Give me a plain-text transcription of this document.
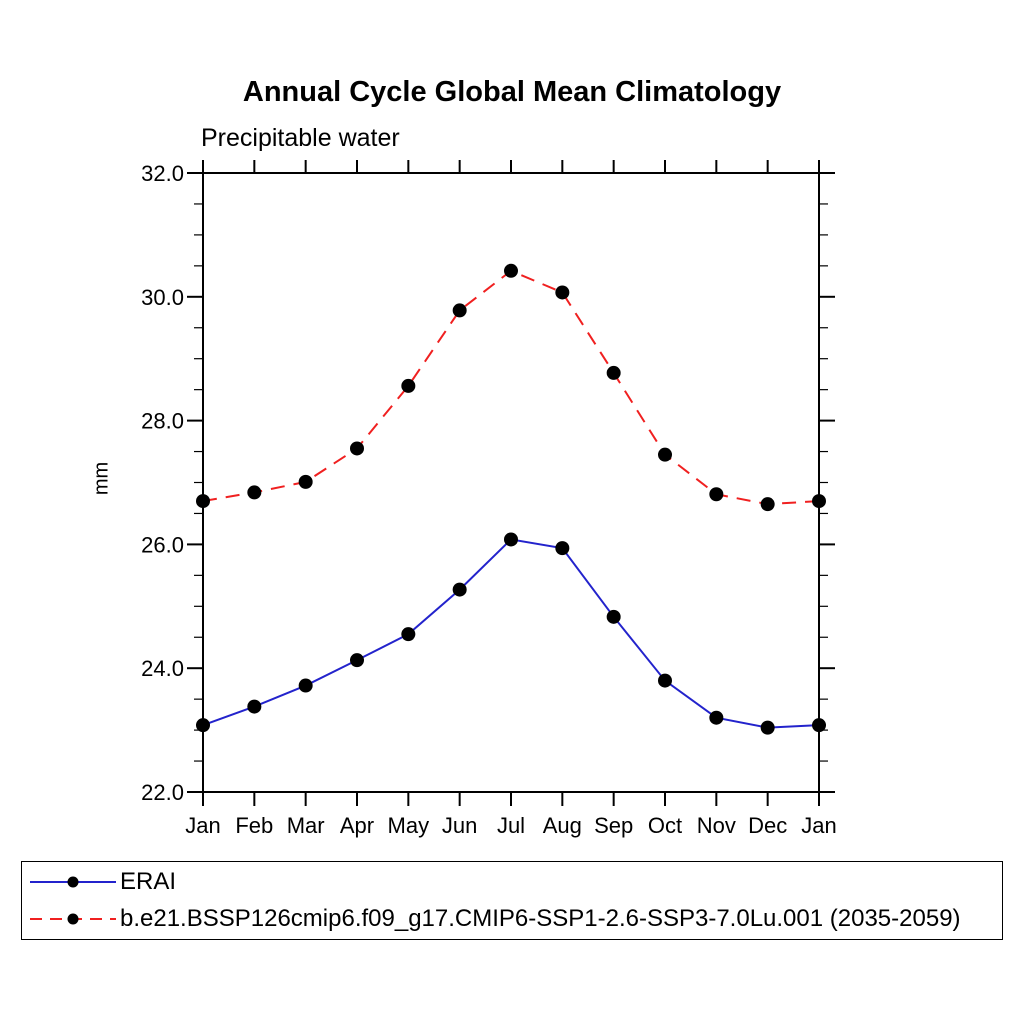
Annual Cycle Global Mean Climatology
Precipitable water
mm
22.0
24.0
26.0
28.0
30.0
32.0
Jan Feb Mar Apr May Jun Jul Aug Sep Oct Nov Dec Jan
ERAI
b.e21.BSSP126cmip6.f09_g17.CMIP6-SSP1-2.6-SSP3-7.0Lu.001 (2035-2059)
